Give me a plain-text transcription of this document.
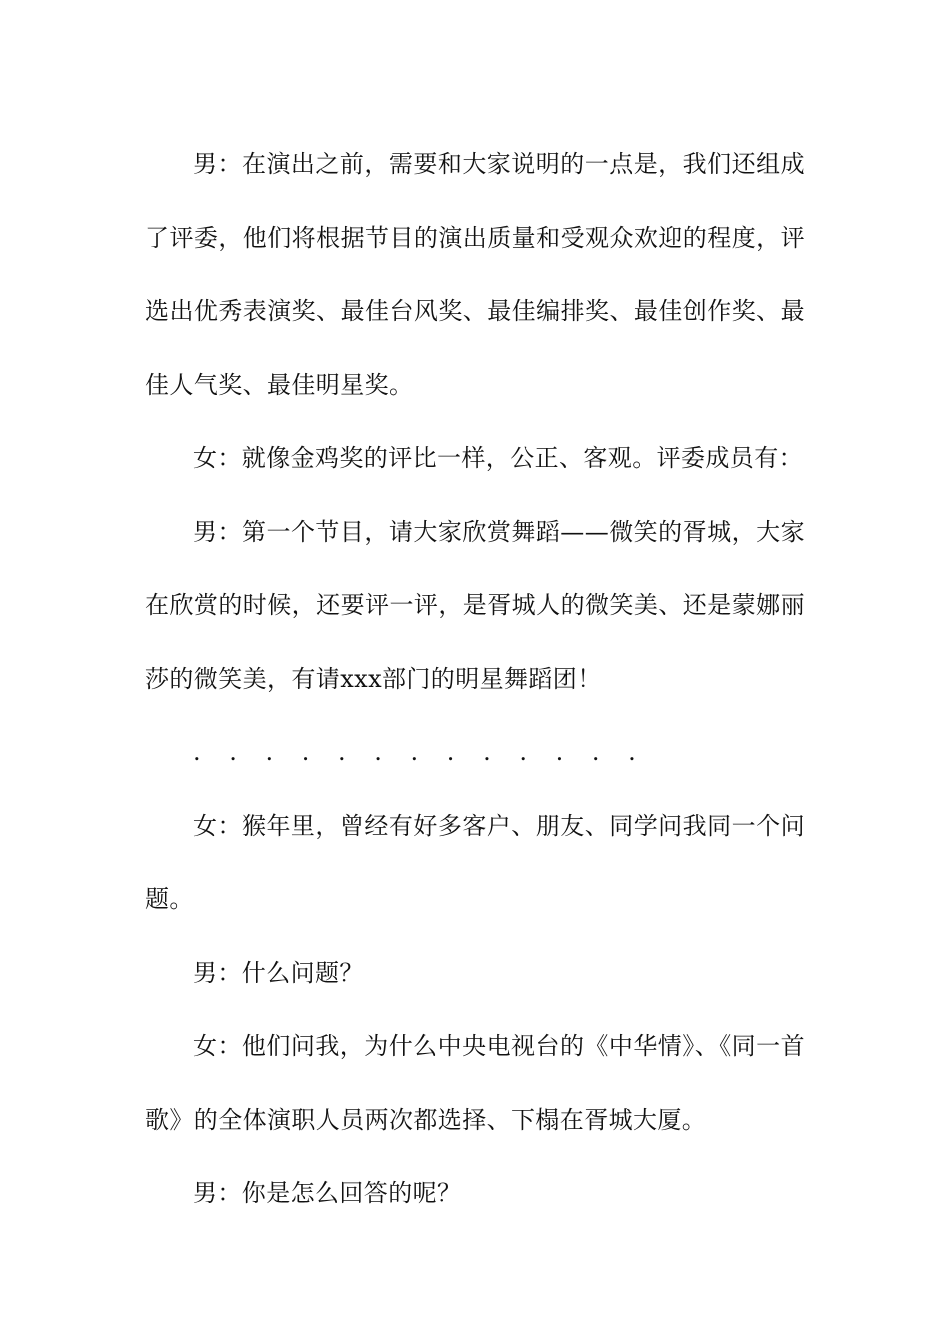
男：在演出之前，需要和大家说明的一点是，我们还组成了评委，他们将根据节目的演出质量和受观众欢迎的程度，评选出优秀表演奖、最佳台风奖、最佳编排奖、最佳创作奖、最佳人气奖、最佳明星奖。

女：就像金鸡奖的评比一样，公正、客观。评委成员有：

男：第一个节目，请大家欣赏舞蹈——微笑的胥城，大家在欣赏的时候，还要评一评，是胥城人的微笑美、还是蒙娜丽莎的微笑美，有请xxx部门的明星舞蹈团！

. . . . . . . . . . . . .

女：猴年里，曾经有好多客户、朋友、同学问我同一个问题。

男：什么问题？

女：他们问我，为什么中央电视台的《中华情》、《同一首歌》的全体演职人员两次都选择、下榻在胥城大厦。

男：你是怎么回答的呢？
